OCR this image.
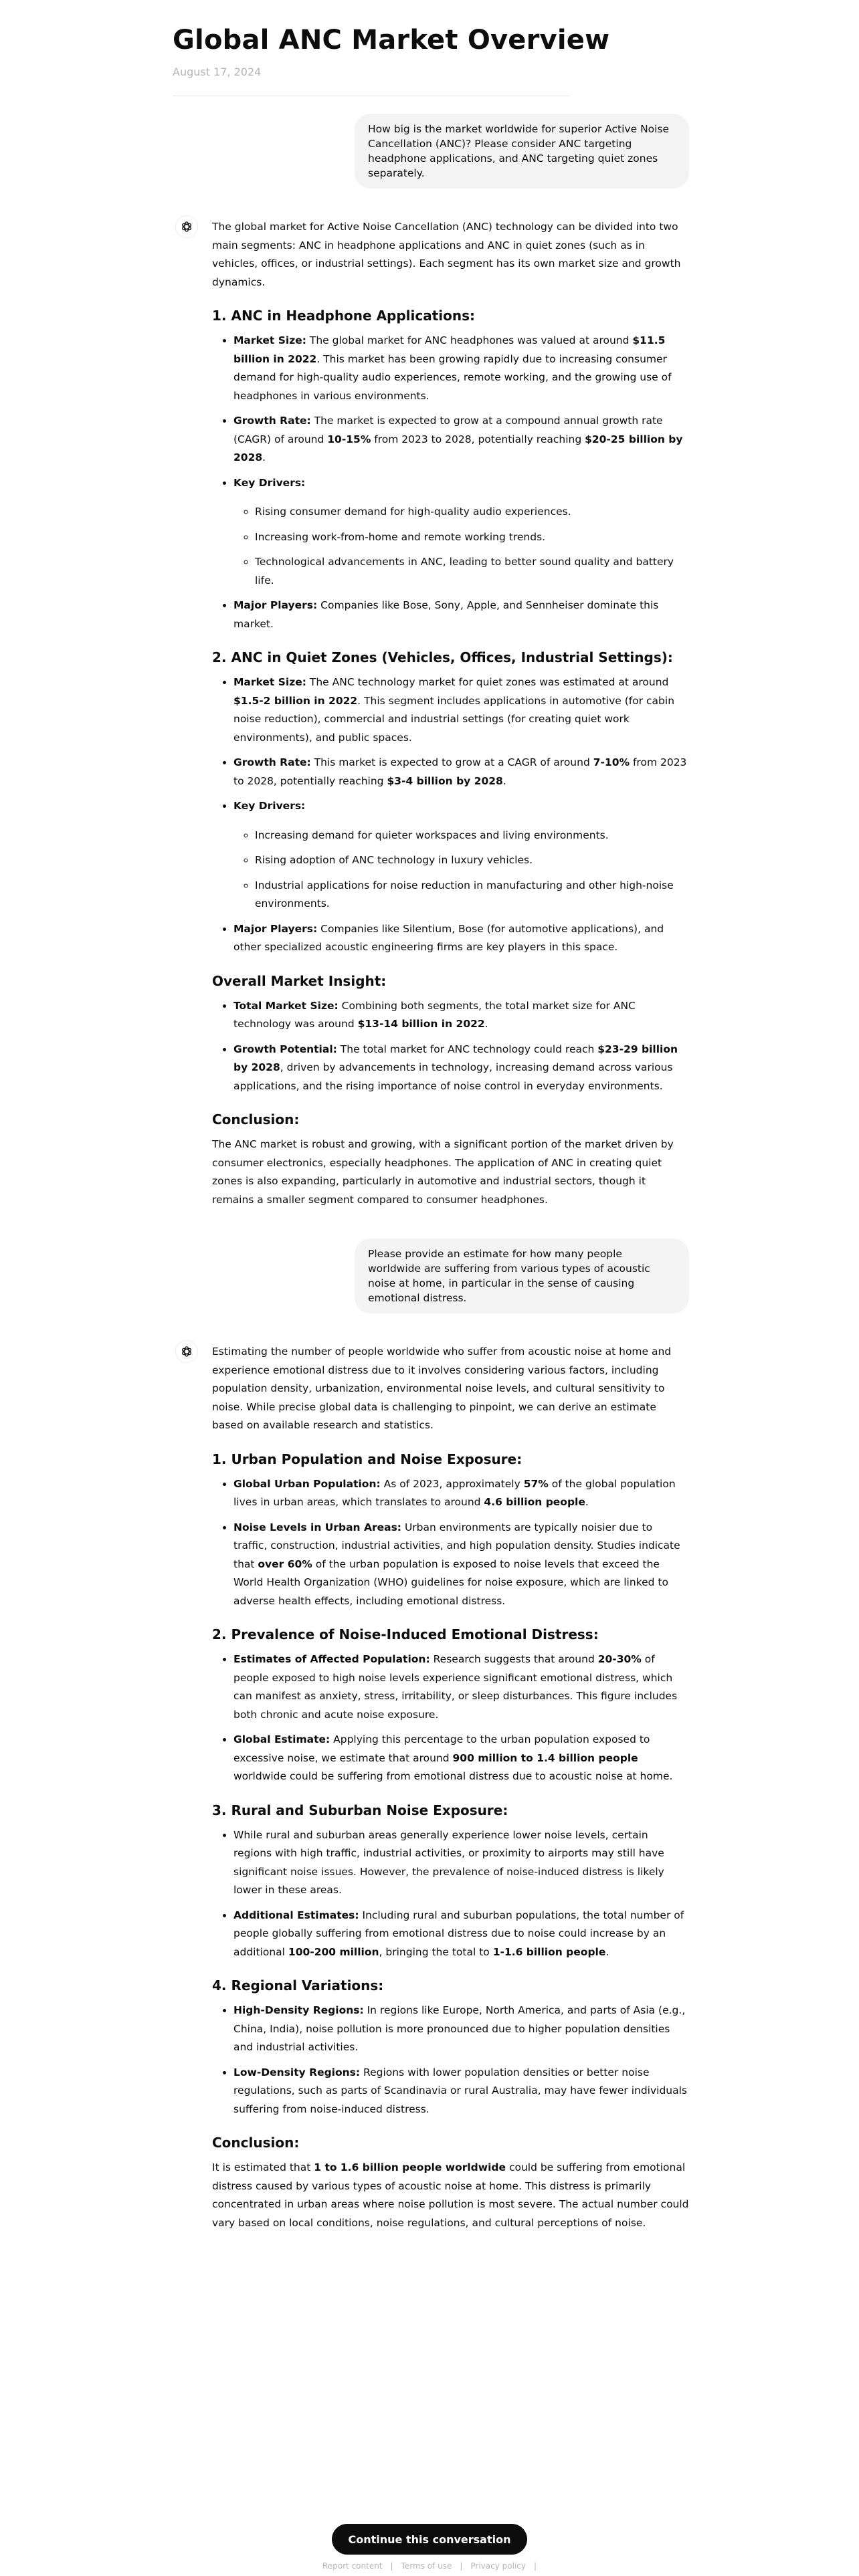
Global ANC Market Overview
August 17, 2024
How big is the market worldwide for superior Active Noise Cancellation (ANC)? Please consider ANC targeting headphone applications, and ANC targeting quiet zones separately.

The global market for Active Noise Cancellation (ANC) technology can be divided into two main segments: ANC in headphone applications and ANC in quiet zones (such as in vehicles, offices, or industrial settings). Each segment has its own market size and growth dynamics.

1. ANC in Headphone Applications:
• Market Size: The global market for ANC headphones was valued at around $11.5 billion in 2022. This market has been growing rapidly due to increasing consumer demand for high-quality audio experiences, remote working, and the growing use of headphones in various environments.
• Growth Rate: The market is expected to grow at a compound annual growth rate (CAGR) of around 10-15% from 2023 to 2028, potentially reaching $20-25 billion by 2028.
• Key Drivers:
◦ Rising consumer demand for high-quality audio experiences.
◦ Increasing work-from-home and remote working trends.
◦ Technological advancements in ANC, leading to better sound quality and battery life.
• Major Players: Companies like Bose, Sony, Apple, and Sennheiser dominate this market.
2. ANC in Quiet Zones (Vehicles, Offices, Industrial Settings):
• Market Size: The ANC technology market for quiet zones was estimated at around $1.5-2 billion in 2022. This segment includes applications in automotive (for cabin noise reduction), commercial and industrial settings (for creating quiet work environments), and public spaces.
• Growth Rate: This market is expected to grow at a CAGR of around 7-10% from 2023 to 2028, potentially reaching $3-4 billion by 2028.
• Key Drivers:
◦ Increasing demand for quieter workspaces and living environments.
◦ Rising adoption of ANC technology in luxury vehicles.
◦ Industrial applications for noise reduction in manufacturing and other high-noise environments.
• Major Players: Companies like Silentium, Bose (for automotive applications), and other specialized acoustic engineering firms are key players in this space.
Overall Market Insight:
• Total Market Size: Combining both segments, the total market size for ANC technology was around $13-14 billion in 2022.
• Growth Potential: The total market for ANC technology could reach $23-29 billion by 2028, driven by advancements in technology, increasing demand across various applications, and the rising importance of noise control in everyday environments.
Conclusion:

The ANC market is robust and growing, with a significant portion of the market driven by consumer electronics, especially headphones. The application of ANC in creating quiet zones is also expanding, particularly in automotive and industrial sectors, though it remains a smaller segment compared to consumer headphones.

Please provide an estimate for how many people worldwide are suffering from various types of acoustic noise at home, in particular in the sense of causing emotional distress.

Estimating the number of people worldwide who suffer from acoustic noise at home and experience emotional distress due to it involves considering various factors, including population density, urbanization, environmental noise levels, and cultural sensitivity to noise. While precise global data is challenging to pinpoint, we can derive an estimate based on available research and statistics.

1. Urban Population and Noise Exposure:
• Global Urban Population: As of 2023, approximately 57% of the global population lives in urban areas, which translates to around 4.6 billion people.
• Noise Levels in Urban Areas: Urban environments are typically noisier due to traffic, construction, industrial activities, and high population density. Studies indicate that over 60% of the urban population is exposed to noise levels that exceed the World Health Organization (WHO) guidelines for noise exposure, which are linked to adverse health effects, including emotional distress.
2. Prevalence of Noise-Induced Emotional Distress:
• Estimates of Affected Population: Research suggests that around 20-30% of people exposed to high noise levels experience significant emotional distress, which can manifest as anxiety, stress, irritability, or sleep disturbances. This figure includes both chronic and acute noise exposure.
• Global Estimate: Applying this percentage to the urban population exposed to excessive noise, we estimate that around 900 million to 1.4 billion people worldwide could be suffering from emotional distress due to acoustic noise at home.
3. Rural and Suburban Noise Exposure:
• While rural and suburban areas generally experience lower noise levels, certain regions with high traffic, industrial activities, or proximity to airports may still have significant noise issues. However, the prevalence of noise-induced distress is likely lower in these areas.
• Additional Estimates: Including rural and suburban populations, the total number of people globally suffering from emotional distress due to noise could increase by an additional 100-200 million, bringing the total to 1-1.6 billion people.
4. Regional Variations:
• High-Density Regions: In regions like Europe, North America, and parts of Asia (e.g., China, India), noise pollution is more pronounced due to higher population densities and industrial activities.
• Low-Density Regions: Regions with lower population densities or better noise regulations, such as parts of Scandinavia or rural Australia, may have fewer individuals suffering from noise-induced distress.
Conclusion:

It is estimated that 1 to 1.6 billion people worldwide could be suffering from emotional distress caused by various types of acoustic noise at home. This distress is primarily concentrated in urban areas where noise pollution is most severe. The actual number could vary based on local conditions, noise regulations, and cultural perceptions of noise.

Continue this conversation
Report content | Terms of use | Privacy policy |
